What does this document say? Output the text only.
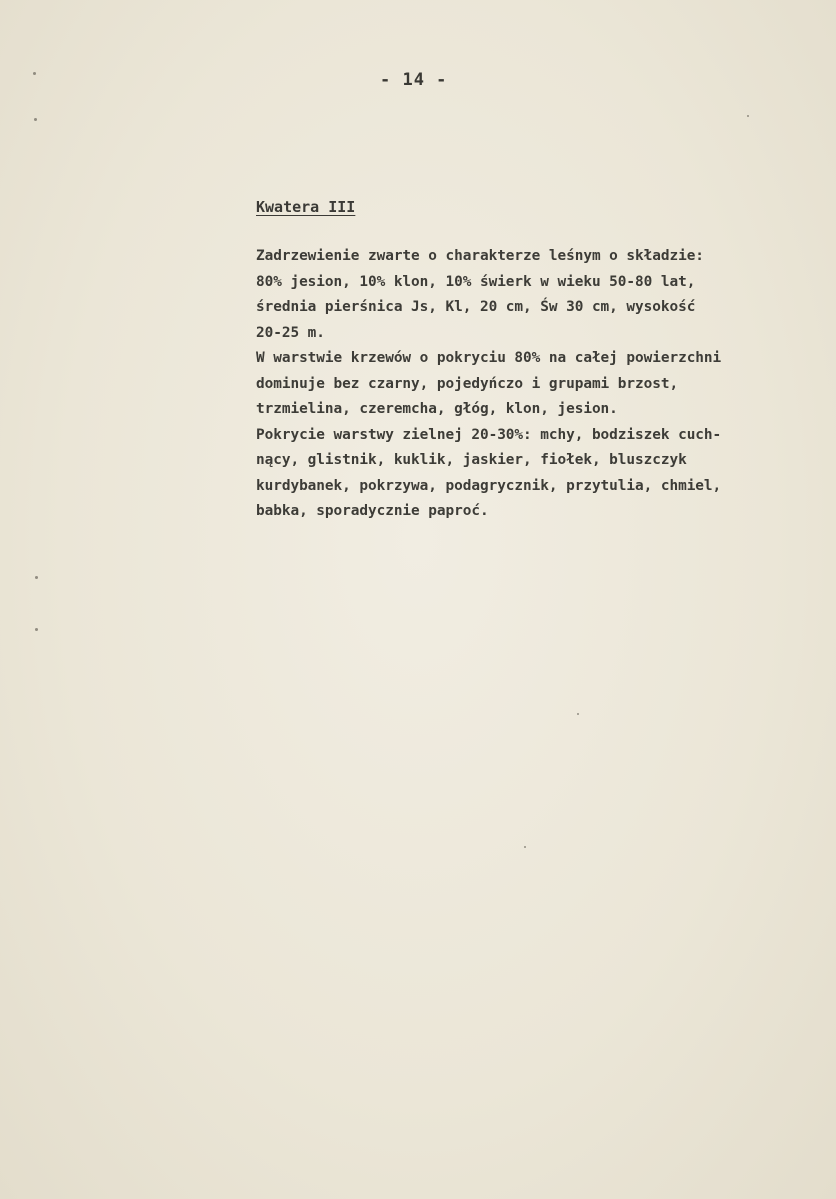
- 14 -
Kwatera III
Zadrzewienie zwarte o charakterze leśnym o składzie:
80% jesion, 10% klon, 10% świerk w wieku 50-80 lat,
średnia pierśnica Js, Kl, 20 cm, Św 30 cm, wysokość
20-25 m.
W warstwie krzewów o pokryciu 80% na całej powierzchni
dominuje bez czarny, pojedyńczo i grupami brzost,
trzmielina, czeremcha, głóg, klon, jesion.
Pokrycie warstwy zielnej 20-30%: mchy, bodziszek cuch-
nący, glistnik, kuklik, jaskier, fiołek, bluszczyk
kurdybanek, pokrzywa, podagrycznik, przytulia, chmiel,
babka, sporadycznie paproć.
